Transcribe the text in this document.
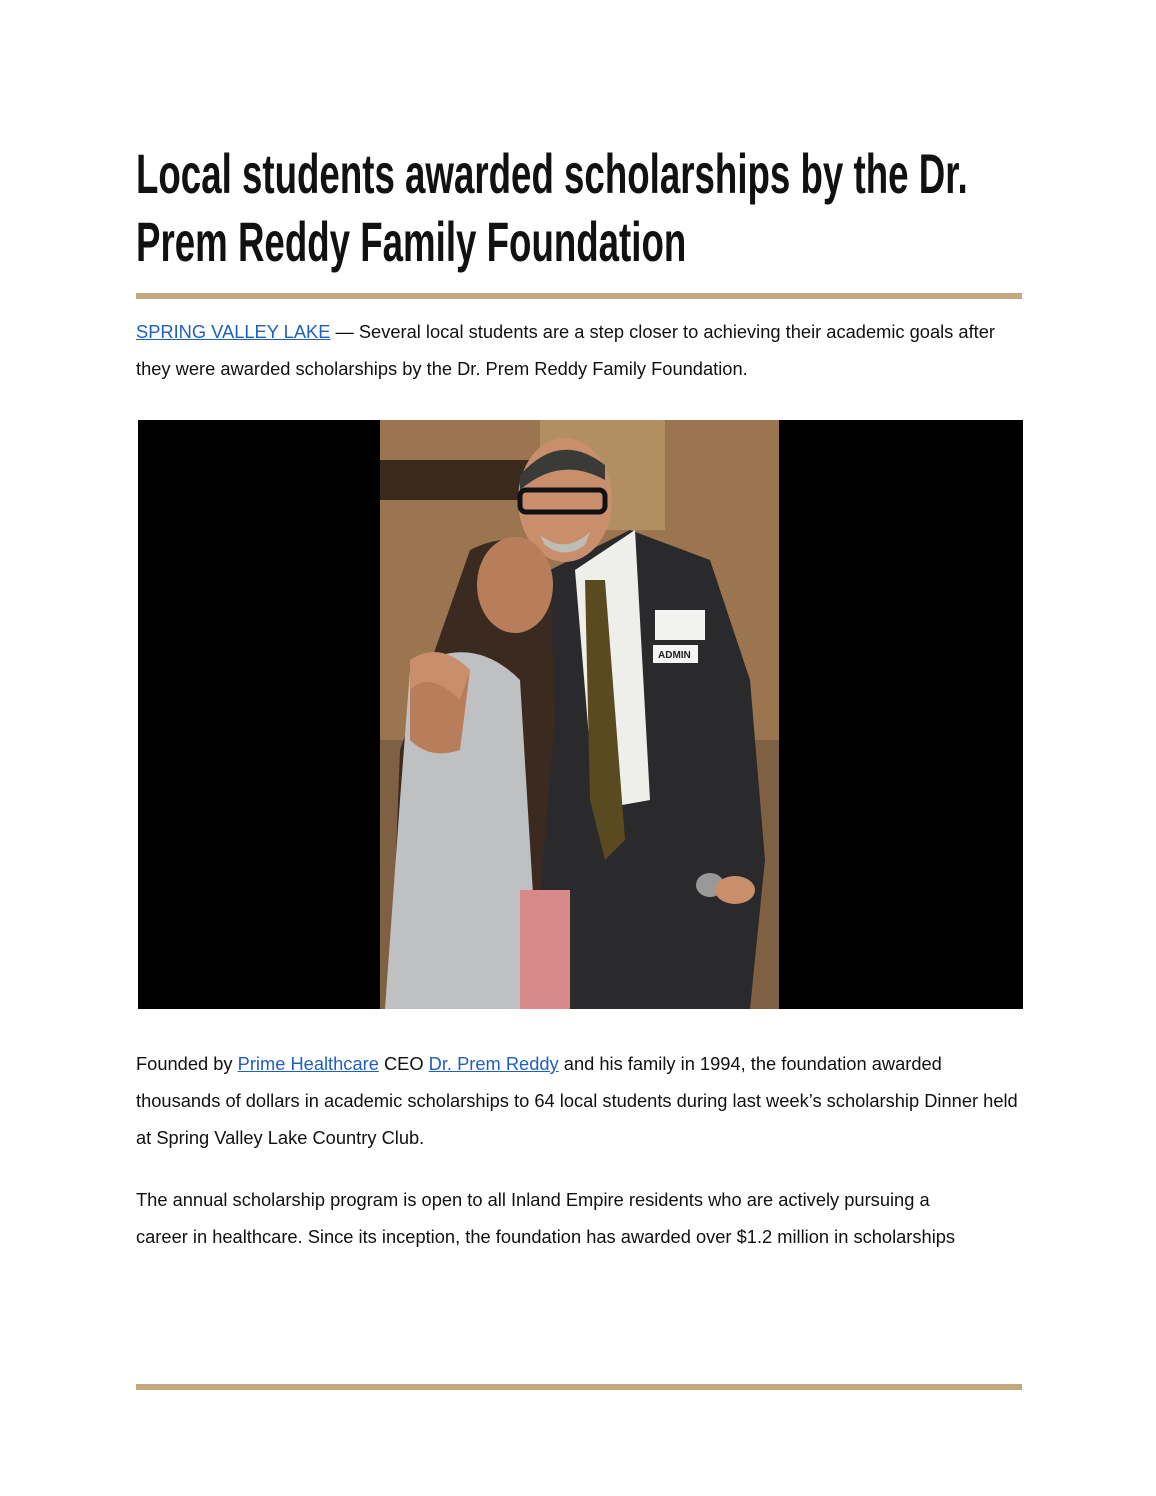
Local students awarded scholarships by the Dr.
Prem Reddy Family Foundation

SPRING VALLEY LAKE — Several local students are a step closer to achieving their academic goals after they were awarded scholarships by the Dr. Prem Reddy Family Foundation.

ADMIN

Founded by Prime Healthcare CEO Dr. Prem Reddy and his family in 1994, the foundation awarded thousands of dollars in academic scholarships to 64 local students during last week’s scholarship Dinner held at Spring Valley Lake Country Club.

The annual scholarship program is open to all Inland Empire residents who are actively pursuing a career in healthcare. Since its inception, the foundation has awarded over $1.2 million in scholarships
